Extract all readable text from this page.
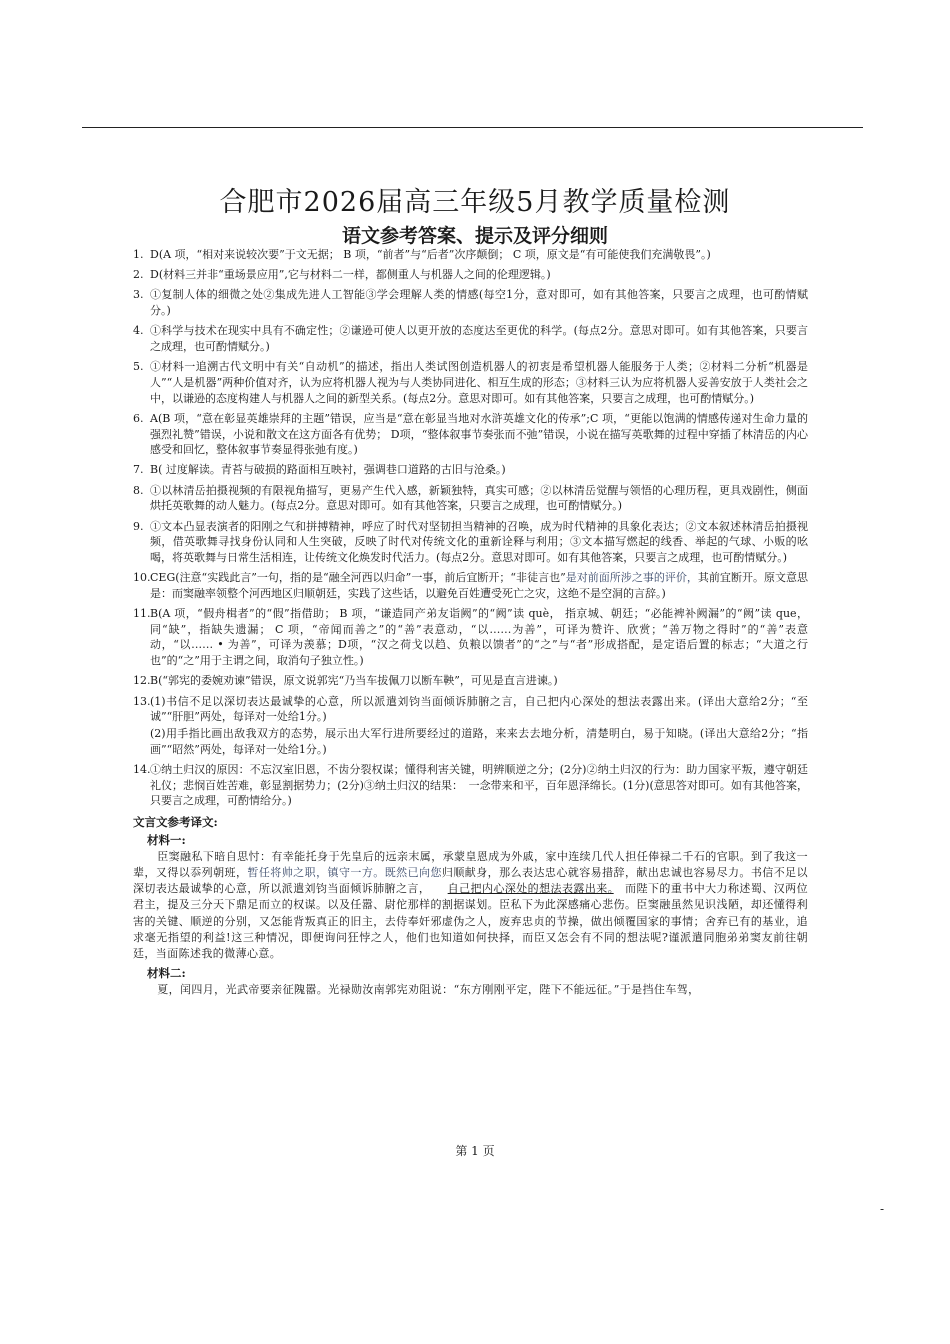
合肥市2026届高三年级5月教学质量检测
语文参考答案、提示及评分细则
1. D(A 项，“相对来说较次要”于文无据； B 项，“前者”与“后者”次序颠倒； C 项，原文是“有可能使我们充满敬畏”。)
2. D(材料三并非“重场景应用”,它与材料二一样，都侧重人与机器人之间的伦理逻辑。)
3. ①复制人体的细微之处②集成先进人工智能③学会理解人类的情感(每空1分，意对即可，如有其他答案，只要言之成理，也可酌情赋分。)
4. ①科学与技术在现实中具有不确定性；②谦逊可使人以更开放的态度达至更优的科学。(每点2分。意思对即可。如有其他答案，只要言之成理，也可酌情赋分。)
5. ①材料一追溯古代文明中有关“自动机”的描述，指出人类试图创造机器人的初衷是希望机器人能服务于人类；②材料二分析“机器是人”“人是机器”两种价值对齐，认为应将机器人视为与人类协同进化、相互生成的形态；③材料三认为应将机器人妥善安放于人类社会之中，以谦逊的态度构建人与机器人之间的新型关系。(每点2分。意思对即可。如有其他答案，只要言之成理，也可酌情赋分。)
6. A(B 项，“意在彰显英雄崇拜的主题”错误，应当是“意在彰显当地对水浒英雄文化的传承”;C 项，“更能以饱满的情感传递对生命力量的强烈礼赞”错误，小说和散文在这方面各有优势； D项，“整体叙事节奏张而不弛”错误，小说在描写英歌舞的过程中穿插了林清岳的内心感受和回忆，整体叙事节奏显得张弛有度。)
7. B( 过度解读。青苔与破损的路面相互映衬，强调巷口道路的古旧与沧桑。)
8. ①以林清岳拍摄视频的有限视角描写，更易产生代入感，新颖独特，真实可感；②以林清岳觉醒与领悟的心理历程，更具戏剧性，侧面烘托英歌舞的动人魅力。(每点2分。意思对即可。如有其他答案，只要言之成理，也可酌情赋分。)
9. ①文本凸显表演者的阳刚之气和拼搏精神，呼应了时代对坚韧担当精神的召唤，成为时代精神的具象化表达；②文本叙述林清岳拍摄视频，借英歌舞寻找身份认同和人生突破，反映了时代对传统文化的重新诠释与利用；③文本描写燃起的线香、举起的气球、小贩的吆喝，将英歌舞与日常生活相连，让传统文化焕发时代活力。(每点2分。意思对即可。如有其他答案，只要言之成理，也可酌情赋分。)
10. CEG(注意“实践此言”一句，指的是“融全河西以归命”一事，前后宜断开；“非徒言也”是对前面所涉之事的评价，其前宜断开。原文意思是：而窦融率领整个河西地区归顺朝廷，实践了这些话，以避免百姓遭受死亡之灾，这绝不是空洞的言辞。)
11. B(A 项，“假舟楫者”的“假”指借助； B 项，“谦造同产弟友诣阙”的“阙”读 què， 指京城、朝廷；“必能裨补阙漏”的“阙”读 que， 同“缺”，指缺失遗漏； C 项，“帝闻而善之”的“善”表意动，“以……为善”，可译为赞许、欣赏；“善万物之得时”的“善”表意动，“以…… • 为善”，可译为羡慕；D项，“汉之荷戈以趋、负粮以馈者”的“之”与“者”形成搭配，是定语后置的标志；“大道之行也”的“之”用于主谓之间，取消句子独立性。)
12. B(“郭宪的委婉劝谏”错误，原文说郭宪“乃当车拔佩刀以断车鞅”，可见是直言进谏。)
13. (1)书信不足以深切表达最诚挚的心意，所以派遣刘钧当面倾诉肺腑之言，自己把内心深处的想法表露出来。(译出大意给2分；“至诚”“肝胆”两处，每译对一处给1分。)
(2)用手指比画出敌我双方的态势，展示出大军行进所要经过的道路，来来去去地分析，清楚明白，易于知晓。(译出大意给2分；“指画”“昭然”两处，每译对一处给1分。)
14. ①纳土归汉的原因：不忘汉室旧恩，不齿分裂权谋；懂得利害关键，明辨顺逆之分；(2分)②纳土归汉的行为：助力国家平叛，遵守朝廷礼仪；悲悯百姓苦难，彰显割据势力；(2分)③纳土归汉的结果：　一念带来和平，百年恩泽绵长。(1分)(意思答对即可。如有其他答案，只要言之成理，可酌情给分。)
文言文参考译文:
材料一:

臣窦融私下暗自思忖：有幸能托身于先皇后的远亲末属，承蒙皇恩成为外戚，家中连续几代人担任俸禄二千石的官职。到了我这一辈，又得以忝列朝班，暂任将帅之职，镇守一方。既然已向您归顺献身，那么表达忠心就容易措辞，献出忠诚也容易尽力。书信不足以深切表达最诚挚的心意，所以派遣刘钧当面倾诉肺腑之言，　　自己把内心深处的想法表露出来。　而陛下的重书中大力称述蜀、汉两位君主，提及三分天下鼎足而立的权谋。以及任嚣、尉佗那样的割据谋划。臣私下为此深感痛心悲伤。臣窦融虽然见识浅陋，却还懂得利害的关键、顺逆的分别，又怎能背叛真正的旧主，去侍奉奸邪虚伪之人，废弃忠贞的节操，做出倾覆国家的事情；舍弃已有的基业，追求毫无指望的利益!这三种情况，即便询问狂悖之人，他们也知道如何抉择，而臣又怎会有不同的想法呢?谨派遣同胞弟弟窦友前往朝廷，当面陈述我的微薄心意。

材料二:

夏，闰四月，光武帝要亲征隗嚣。光禄勋汝南郭宪劝阻说：“东方刚刚平定，陛下不能远征。”于是挡住车驾，

第 1 页
-
